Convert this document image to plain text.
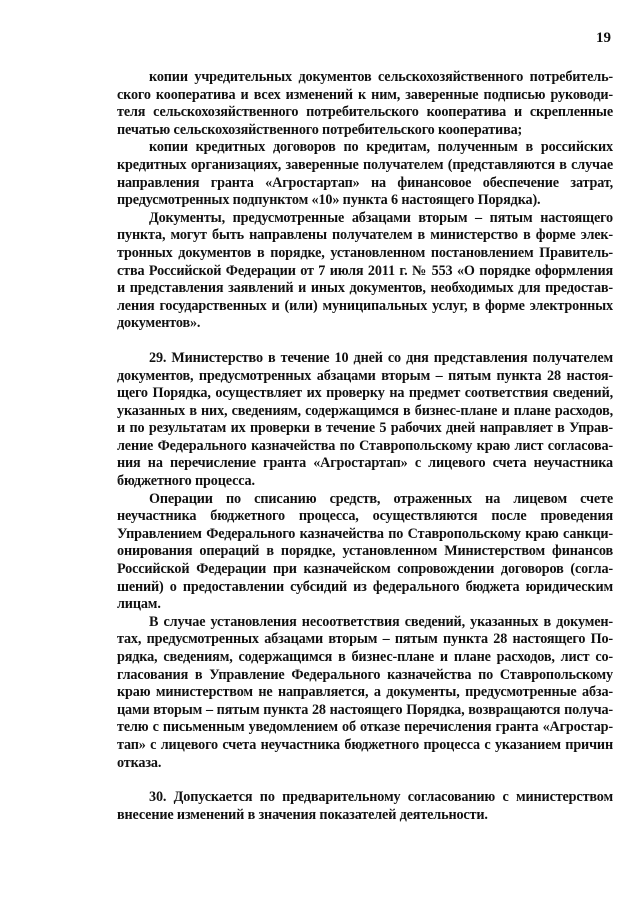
19
копии учредительных документов сельскохозяйственного потребитель-
ского кооператива и всех изменений к ним, заверенные подписью руководи-
теля сельскохозяйственного потребительского кооператива и скрепленные
печатью сельскохозяйственного потребительского кооператива;
копии кредитных договоров по кредитам, полученным в российских
кредитных организациях, заверенные получателем (представляются в случае
направления гранта «Агростартап» на финансовое обеспечение затрат,
предусмотренных подпунктом «10» пункта 6 настоящего Порядка).
Документы, предусмотренные абзацами вторым – пятым настоящего
пункта, могут быть направлены получателем в министерство в форме элек-
тронных документов в порядке, установленном постановлением Правитель-
ства Российской Федерации от 7 июля 2011 г. № 553 «О порядке оформления
и представления заявлений и иных документов, необходимых для предостав-
ления государственных и (или) муниципальных услуг, в форме электронных
документов».
29. Министерство в течение 10 дней со дня представления получателем
документов, предусмотренных абзацами вторым – пятым пункта 28 настоя-
щего Порядка, осуществляет их проверку на предмет соответствия сведений,
указанных в них, сведениям, содержащимся в бизнес-плане и плане расходов,
и по результатам их проверки в течение 5 рабочих дней направляет в Управ-
ление Федерального казначейства по Ставропольскому краю лист согласова-
ния на перечисление гранта «Агростартап» с лицевого счета неучастника
бюджетного процесса.
Операции по списанию средств, отраженных на лицевом счете
неучастника бюджетного процесса, осуществляются после проведения
Управлением Федерального казначейства по Ставропольскому краю санкци-
онирования операций в порядке, установленном Министерством финансов
Российской Федерации при казначейском сопровождении договоров (согла-
шений) о предоставлении субсидий из федерального бюджета юридическим
лицам.
В случае установления несоответствия сведений, указанных в докумен-
тах, предусмотренных абзацами вторым – пятым пункта 28 настоящего По-
рядка, сведениям, содержащимся в бизнес-плане и плане расходов, лист со-
гласования в Управление Федерального казначейства по Ставропольскому
краю министерством не направляется, а документы, предусмотренные абза-
цами вторым – пятым пункта 28 настоящего Порядка, возвращаются получа-
телю с письменным уведомлением об отказе перечисления гранта «Агростар-
тап» с лицевого счета неучастника бюджетного процесса с указанием причин
отказа.
30. Допускается по предварительному согласованию с министерством
внесение изменений в значения показателей деятельности.
